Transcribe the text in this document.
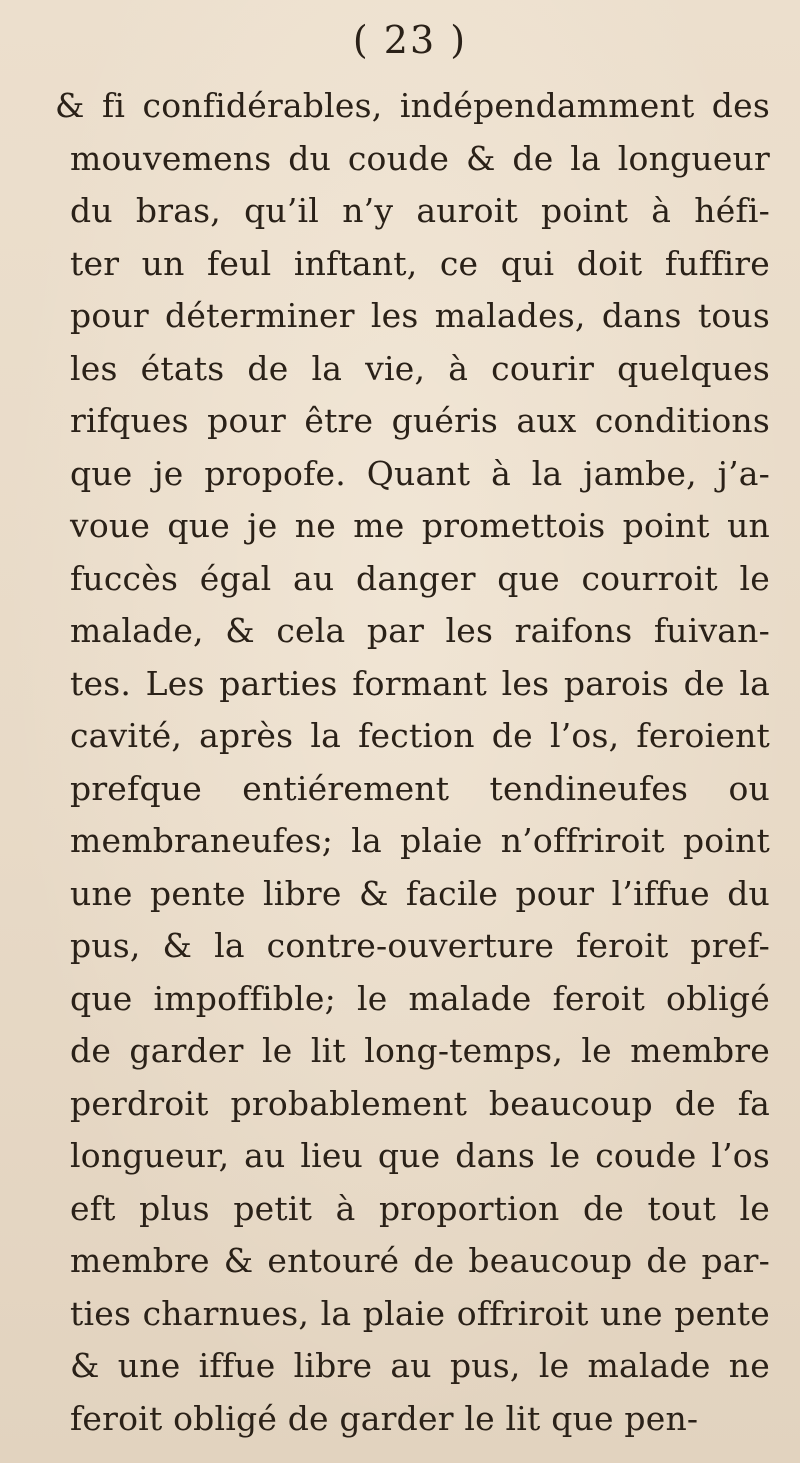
( 23 )
& fi confidérables, indépendamment des
mouvemens du coude & de la longueur
du bras, qu’il n’y auroit point à héfi-
ter un feul inftant, ce qui doit fuffire
pour déterminer les malades, dans tous
les états de la vie, à courir quelques
rifques pour être guéris aux conditions
que je propofe. Quant à la jambe, j’a-
voue que je ne me promettois point un
fuccès égal au danger que courroit le
malade, & cela par les raifons fuivan-
tes. Les parties formant les parois de la
cavité, après la fection de l’os, feroient
prefque entiérement tendineufes ou
membraneufes; la plaie n’offriroit point
une pente libre & facile pour l’iffue du
pus, & la contre-ouverture feroit pref-
que impoffible; le malade feroit obligé
de garder le lit long-temps, le membre
perdroit probablement beaucoup de fa
longueur, au lieu que dans le coude l’os
eft plus petit à proportion de tout le
membre & entouré de beaucoup de par-
ties charnues, la plaie offriroit une pente
& une iffue libre au pus, le malade ne
feroit obligé de garder le lit que pen-
